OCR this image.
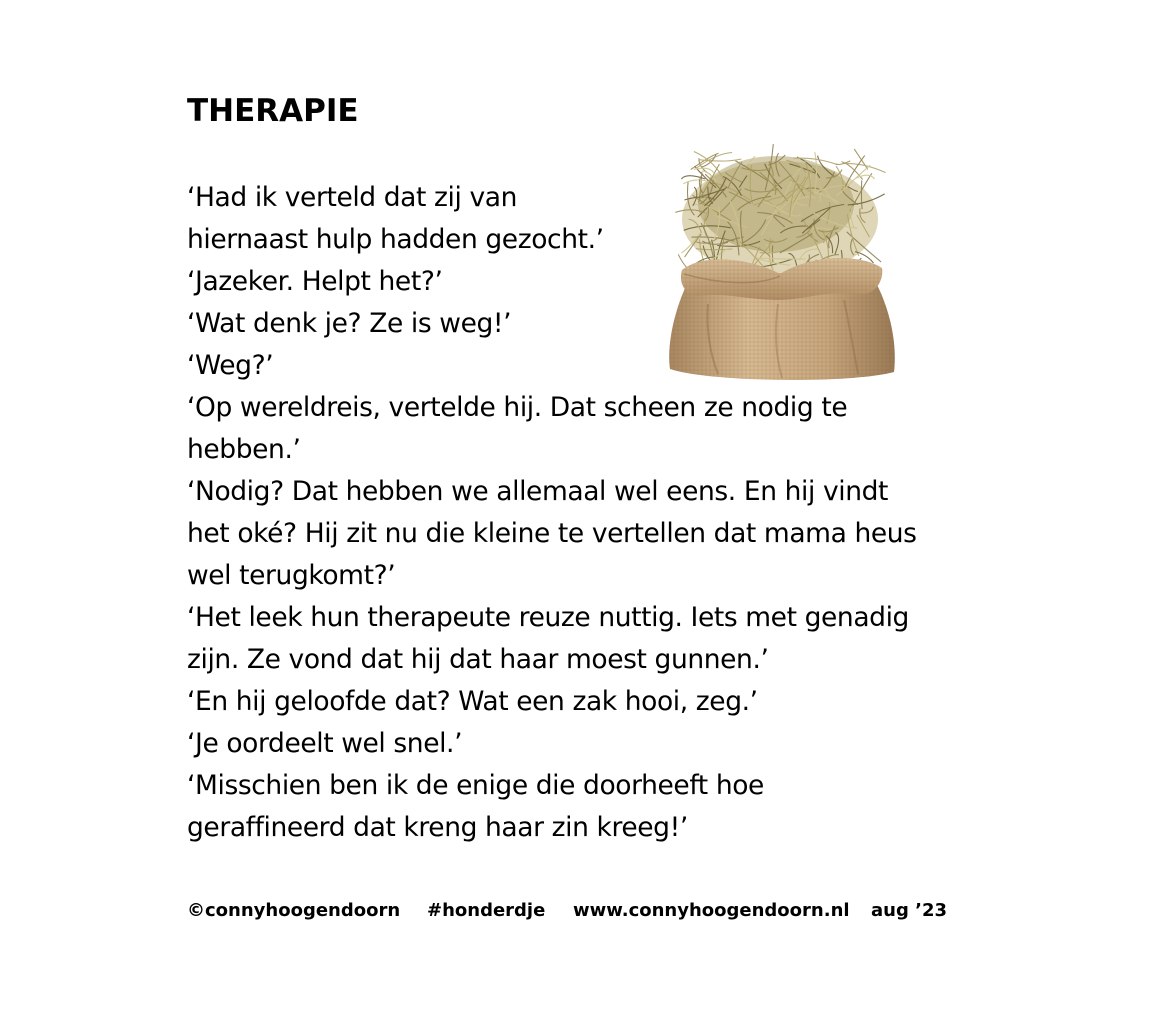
THERAPIE
‘Had ik verteld dat zij van
hiernaast hulp hadden gezocht.’
‘Jazeker. Helpt het?’
‘Wat denk je? Ze is weg!’
‘Weg?’
‘Op wereldreis, vertelde hij. Dat scheen ze nodig te
hebben.’
‘Nodig? Dat hebben we allemaal wel eens. En hij vindt
het oké? Hij zit nu die kleine te vertellen dat mama heus
wel terugkomt?’
‘Het leek hun therapeute reuze nuttig. Iets met genadig
zijn. Ze vond dat hij dat haar moest gunnen.’
‘En hij geloofde dat? Wat een zak hooi, zeg.’
‘Je oordeelt wel snel.’
‘Misschien ben ik de enige die doorheeft hoe
geraffineerd dat kreng haar zin kreeg!’
©connyhoogendoorn #honderdje www.connyhoogendoorn.nl aug ’23
